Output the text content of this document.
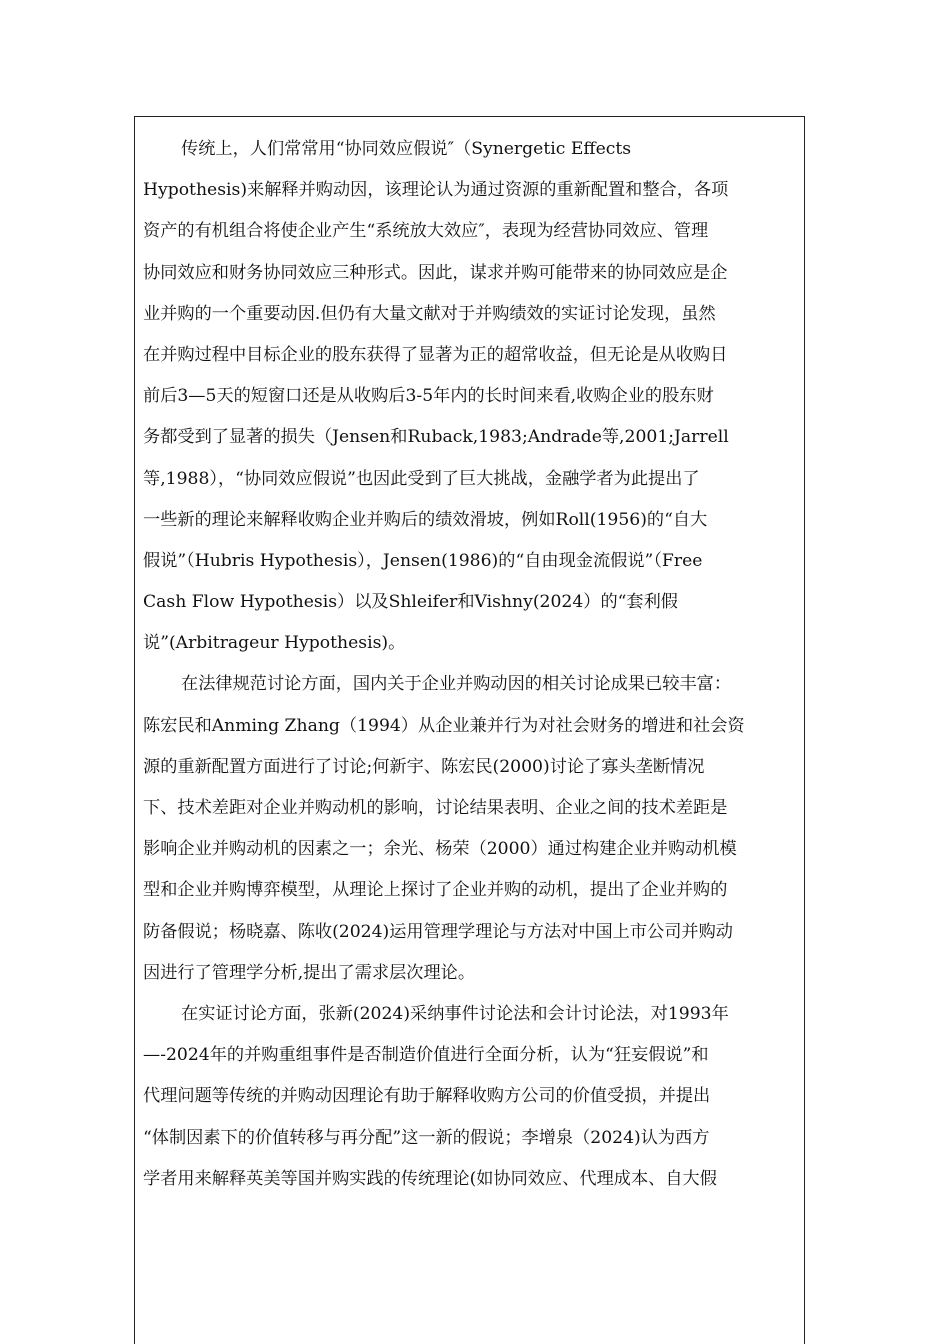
传统上，人们常常用“协同效应假说″（Synergetic Effects
Hypothesis)来解释并购动因，该理论认为通过资源的重新配置和整合，各项
资产的有机组合将使企业产生“系统放大效应″，表现为经营协同效应、管理
协同效应和财务协同效应三种形式。因此，谋求并购可能带来的协同效应是企
业并购的一个重要动因.但仍有大量文献对于并购绩效的实证讨论发现，虽然
在并购过程中目标企业的股东获得了显著为正的超常收益，但无论是从收购日
前后3—5天的短窗口还是从收购后3-5年内的长时间来看,收购企业的股东财
务都受到了显著的损失（Jensen和Ruback,1983;Andrade等,2001;Jarrell
等,1988），“协同效应假说”也因此受到了巨大挑战，金融学者为此提出了
一些新的理论来解释收购企业并购后的绩效滑坡，例如Roll(1956)的“自大
假说”（Hubris Hypothesis），Jensen(1986)的“自由现金流假说”（Free
Cash Flow Hypothesis）以及Shleifer和Vishny(2024）的“套利假
说”(Arbitrageur Hypothesis)。
在法律规范讨论方面，国内关于企业并购动因的相关讨论成果已较丰富：
陈宏民和Anming Zhang（1994）从企业兼并行为对社会财务的增进和社会资
源的重新配置方面进行了讨论;何新宇、陈宏民(2000)讨论了寡头垄断情况
下、技术差距对企业并购动机的影响，讨论结果表明、企业之间的技术差距是
影响企业并购动机的因素之一；余光、杨荣（2000）通过构建企业并购动机模
型和企业并购博弈模型，从理论上探讨了企业并购的动机，提出了企业并购的
防备假说；杨晓嘉、陈收(2024)运用管理学理论与方法对中国上市公司并购动
因进行了管理学分析,提出了需求层次理论。
在实证讨论方面，张新(2024)采纳事件讨论法和会计讨论法，对1993年
—-2024年的并购重组事件是否制造价值进行全面分析，认为“狂妄假说”和
代理问题等传统的并购动因理论有助于解释收购方公司的价值受损，并提出
“体制因素下的价值转移与再分配”这一新的假说；李增泉（2024)认为西方
学者用来解释英美等国并购实践的传统理论(如协同效应、代理成本、自大假
